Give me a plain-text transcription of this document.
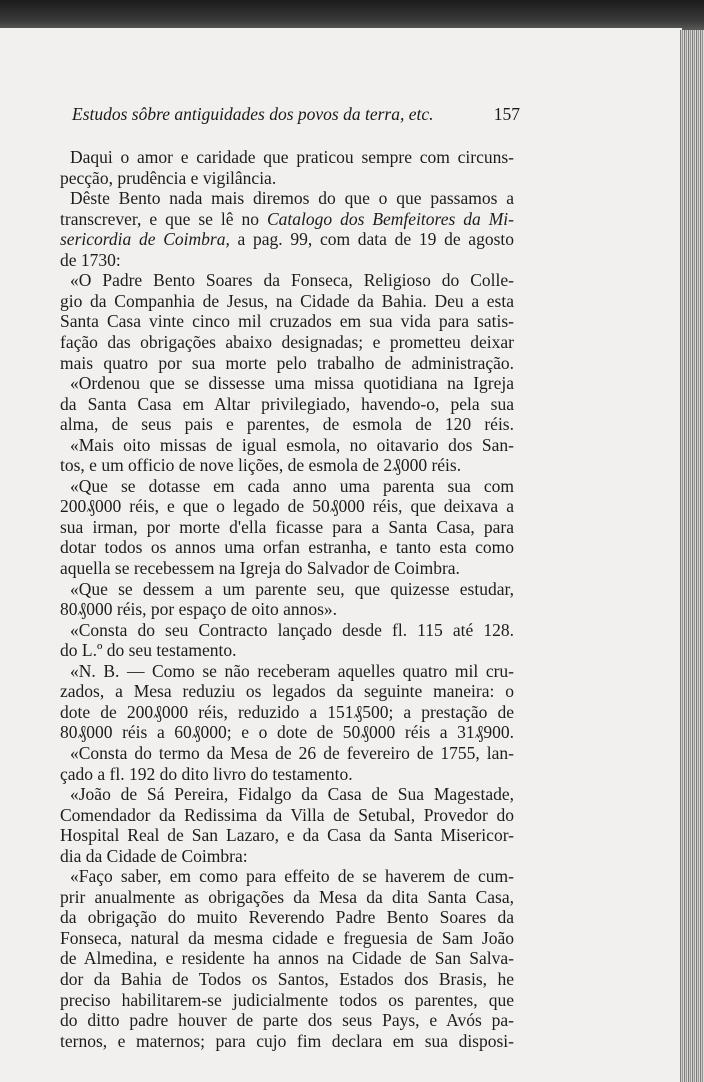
Estudos sôbre antiguidades dos povos da terra, etc.	157
Daqui o amor e caridade que praticou sempre com circuns-
pecção, prudência e vigilância.
Dêste Bento nada mais diremos do que o que passamos a
transcrever, e que se lê no Catalogo dos Bemfeitores da Mi-
sericordia de Coimbra, a pag. 99, com data de 19 de agosto
de 1730:
«O Padre Bento Soares da Fonseca, Religioso do Colle-
gio da Companhia de Jesus, na Cidade da Bahia. Deu a esta
Santa Casa vinte cinco mil cruzados em sua vida para satis-
fação das obrigações abaixo designadas; e prometteu deixar
mais quatro por sua morte pelo trabalho de administração.
«Ordenou que se dissesse uma missa quotidiana na Igreja
da Santa Casa em Altar privilegiado, havendo-o, pela sua
alma, de seus pais e parentes, de esmola de 120 réis.
«Mais oito missas de igual esmola, no oitavario dos San-
tos, e um officio de nove lições, de esmola de 2₰000 réis.
«Que se dotasse em cada anno uma parenta sua com
200₰000 réis, e que o legado de 50₰000 réis, que deixava a
sua irman, por morte d'ella ficasse para a Santa Casa, para
dotar todos os annos uma orfan estranha, e tanto esta como
aquella se recebessem na Igreja do Salvador de Coimbra.
«Que se dessem a um parente seu, que quizesse estudar,
80₰000 réis, por espaço de oito annos».
«Consta do seu Contracto lançado desde fl. 115 até 128.
do L.º do seu testamento.
«N. B. — Como se não receberam aquelles quatro mil cru-
zados, a Mesa reduziu os legados da seguinte maneira: o
dote de 200₰000 réis, reduzido a 151₰500; a prestação de
80₰000 réis a 60₰000; e o dote de 50₰000 réis a 31₰900.
«Consta do termo da Mesa de 26 de fevereiro de 1755, lan-
çado a fl. 192 do dito livro do testamento.
«João de Sá Pereira, Fidalgo da Casa de Sua Magestade,
Comendador da Redissima da Villa de Setubal, Provedor do
Hospital Real de San Lazaro, e da Casa da Santa Misericor-
dia da Cidade de Coimbra:
«Faço saber, em como para effeito de se haverem de cum-
prir anualmente as obrigações da Mesa da dita Santa Casa,
da obrigação do muito Reverendo Padre Bento Soares da
Fonseca, natural da mesma cidade e freguesia de Sam João
de Almedina, e residente ha annos na Cidade de San Salva-
dor da Bahia de Todos os Santos, Estados dos Brasis, he
preciso habilitarem-se judicialmente todos os parentes, que
do ditto padre houver de parte dos seus Pays, e Avós pa-
ternos, e maternos; para cujo fim declara em sua disposi-
